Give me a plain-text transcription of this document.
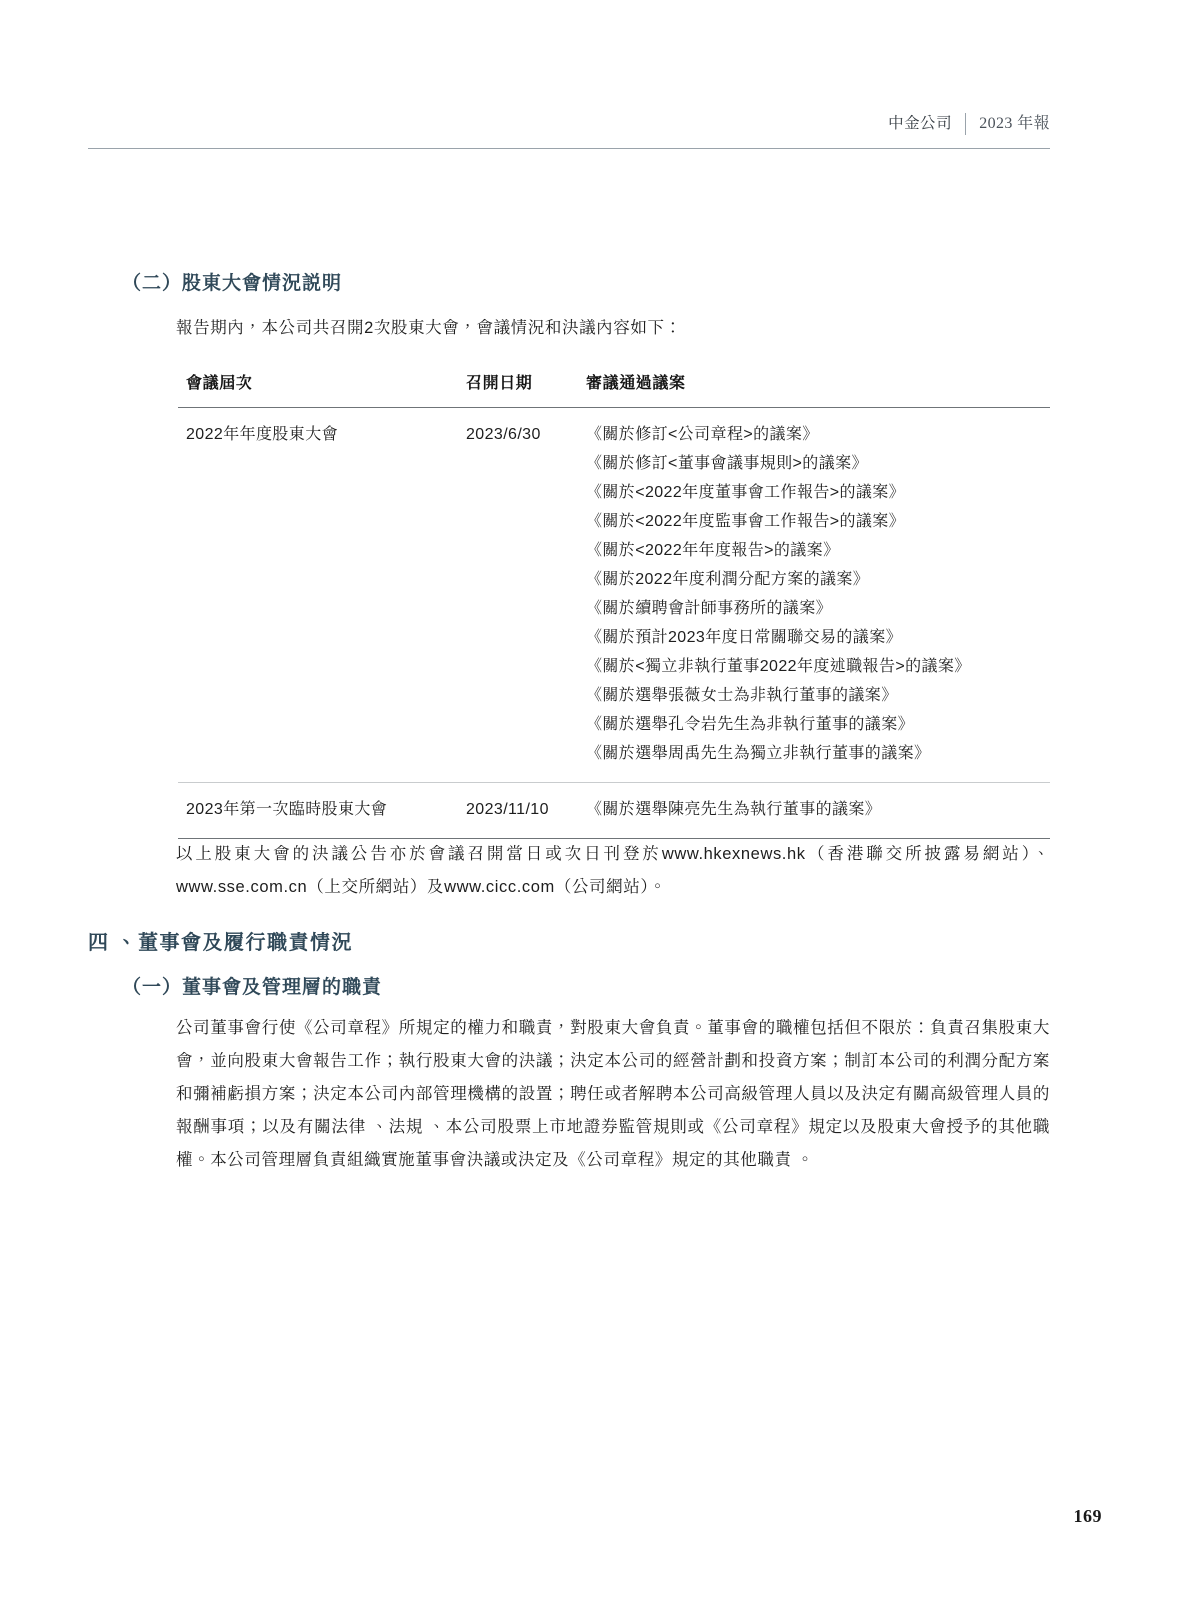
中金公司	2023 年報
（二）股東大會情況説明
報告期內，本公司共召開2次股東大會，會議情況和決議內容如下：
會議屆次	召開日期	審議通過議案
2022年年度股東大會	2023/6/30	《關於修訂<公司章程>的議案》
《關於修訂<董事會議事規則>的議案》
《關於<2022年度董事會工作報告>的議案》
《關於<2022年度監事會工作報告>的議案》
《關於<2022年年度報告>的議案》
《關於2022年度利潤分配方案的議案》
《關於續聘會計師事務所的議案》
《關於預計2023年度日常關聯交易的議案》
《關於<獨立非執行董事2022年度述職報告>的議案》
《關於選舉張薇女士為非執行董事的議案》
《關於選舉孔令岩先生為非執行董事的議案》
《關於選舉周禹先生為獨立非執行董事的議案》
2023年第一次臨時股東大會	2023/11/10	《關於選舉陳亮先生為執行董事的議案》
以上股東大會的決議公告亦於會議召開當日或次日刊登於www.hkexnews.hk（香港聯交所披露易網站）、www.sse.com.cn（上交所網站）及www.cicc.com（公司網站）。
四 、董事會及履行職責情況
（一）董事會及管理層的職責
公司董事會行使《公司章程》所規定的權力和職責，對股東大會負責。董事會的職權包括但不限於：負責召集股東大會，並向股東大會報告工作；執行股東大會的決議；決定本公司的經營計劃和投資方案；制訂本公司的利潤分配方案和彌補虧損方案；決定本公司內部管理機構的設置；聘任或者解聘本公司高級管理人員以及決定有關高級管理人員的報酬事項；以及有關法律 、法規 、本公司股票上市地證券監管規則或《公司章程》規定以及股東大會授予的其他職權。本公司管理層負責組織實施董事會決議或決定及《公司章程》規定的其他職責 。
169
